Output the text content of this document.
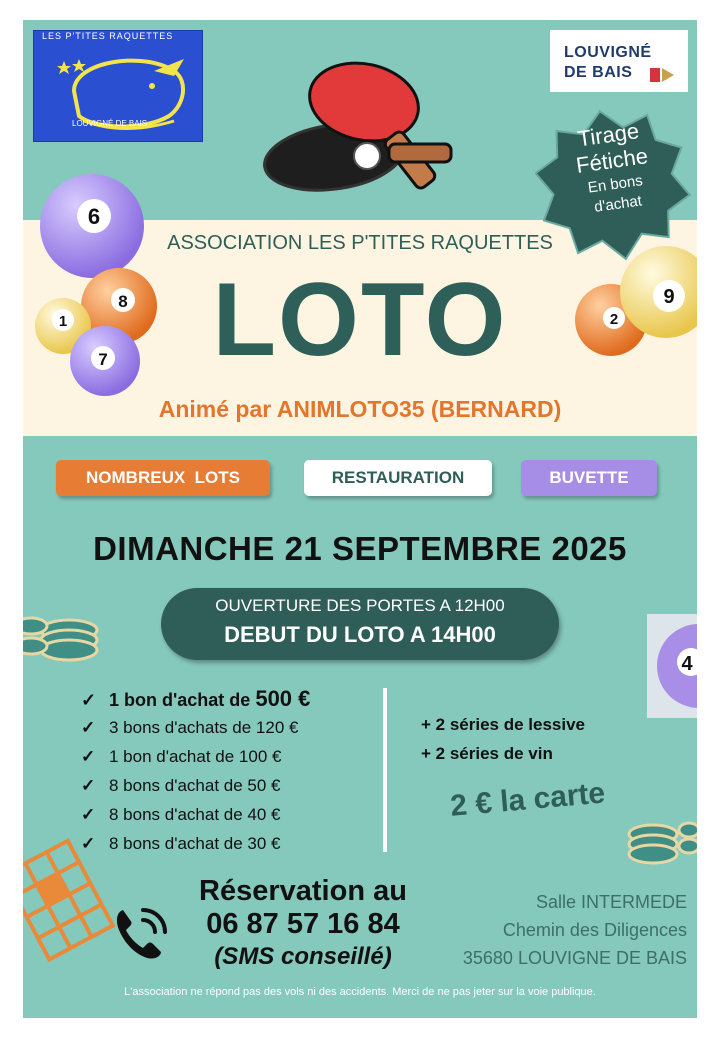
LES P'TITES RAQUETTES
LOUVIGNÉ DE BAIS
LOUVIGNÉ
DE BAIS
Tirage
Fétiche
En bons
d'achat
6
8
1
7
2
9
ASSOCIATION LES P'TITES RAQUETTES
LOTO
Animé par ANIMLOTO35 (BERNARD)
NOMBREUX  LOTS	RESTAURATION	BUVETTE
DIMANCHE 21 SEPTEMBRE 2025
4
OUVERTURE DES PORTES A 12H00
DEBUT DU LOTO A 14H00
✓ 1 bon d'achat de 500 €
✓ 3 bons d'achats de 120 €
✓ 1 bon d'achat de 100 €
✓ 8 bons d'achat de 50 €
✓ 8 bons d'achat de 40 €
✓ 8 bons d'achat de 30 €
+ 2 séries de lessive
+ 2 séries de vin
2 € la carte
Réservation au
06 87 57 16 84
(SMS conseillé)
Salle INTERMEDE
Chemin des Diligences
35680 LOUVIGNE DE BAIS
L'association ne répond pas des vols ni des accidents. Merci de ne pas jeter sur la voie publique.
